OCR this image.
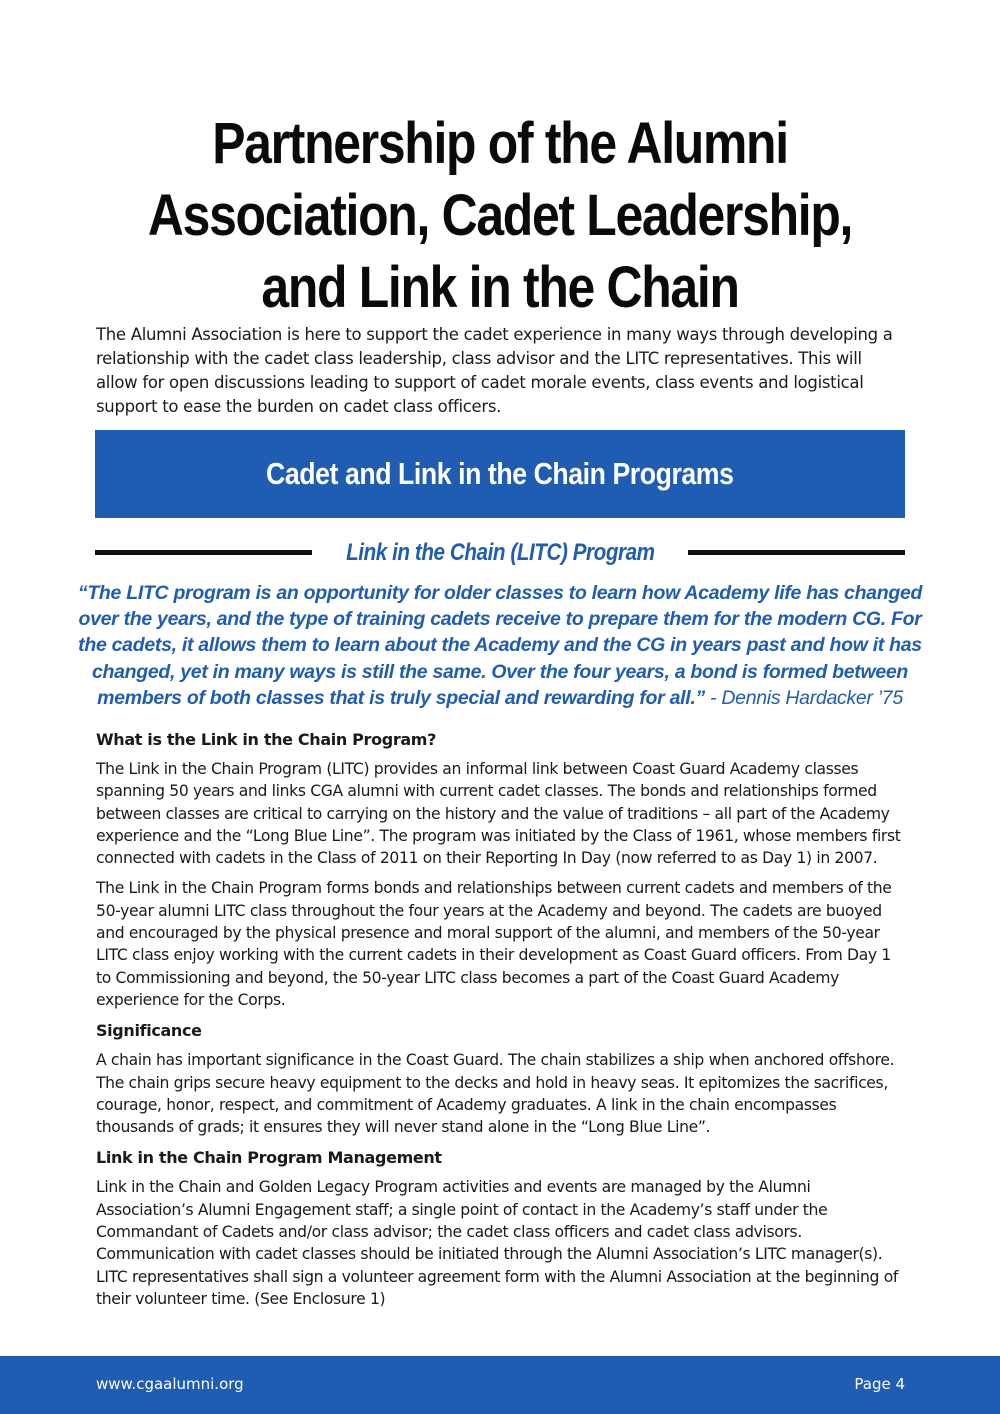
Partnership of the Alumni
Association, Cadet Leadership,
and Link in the Chain

The Alumni Association is here to support the cadet experience in many ways through developing a relationship with the cadet class leadership, class advisor and the LITC representatives. This will allow for open discussions leading to support of cadet morale events, class events and logistical support to ease the burden on cadet class officers.

Cadet and Link in the Chain Programs
Link in the Chain (LITC) Program

“The LITC program is an opportunity for older classes to learn how Academy life has changed over the years, and the type of training cadets receive to prepare them for the modern CG. For the cadets, it allows them to learn about the Academy and the CG in years past and how it has changed, yet in many ways is still the same. Over the four years, a bond is formed between members of both classes that is truly special and rewarding for all.” - Dennis Hardacker ’75

What is the Link in the Chain Program?

The Link in the Chain Program (LITC) provides an informal link between Coast Guard Academy classes spanning 50 years and links CGA alumni with current cadet classes. The bonds and relationships formed between classes are critical to carrying on the history and the value of traditions – all part of the Academy experience and the “Long Blue Line”. The program was initiated by the Class of 1961, whose members first connected with cadets in the Class of 2011 on their Reporting In Day (now referred to as Day 1) in 2007.

The Link in the Chain Program forms bonds and relationships between current cadets and members of the 50-year alumni LITC class throughout the four years at the Academy and beyond. The cadets are buoyed and encouraged by the physical presence and moral support of the alumni, and members of the 50-year LITC class enjoy working with the current cadets in their development as Coast Guard officers. From Day 1 to Commissioning and beyond, the 50-year LITC class becomes a part of the Coast Guard Academy experience for the Corps.

Significance

A chain has important significance in the Coast Guard. The chain stabilizes a ship when anchored offshore. The chain grips secure heavy equipment to the decks and hold in heavy seas. It epitomizes the sacrifices, courage, honor, respect, and commitment of Academy graduates. A link in the chain encompasses thousands of grads; it ensures they will never stand alone in the “Long Blue Line”.

Link in the Chain Program Management

Link in the Chain and Golden Legacy Program activities and events are managed by the Alumni Association’s Alumni Engagement staff; a single point of contact in the Academy’s staff under the Commandant of Cadets and/or class advisor; the cadet class officers and cadet class advisors. Communication with cadet classes should be initiated through the Alumni Association’s LITC manager(s). LITC representatives shall sign a volunteer agreement form with the Alumni Association at the beginning of their volunteer time. (See Enclosure 1)

www.cgaalumni.org	Page 4
